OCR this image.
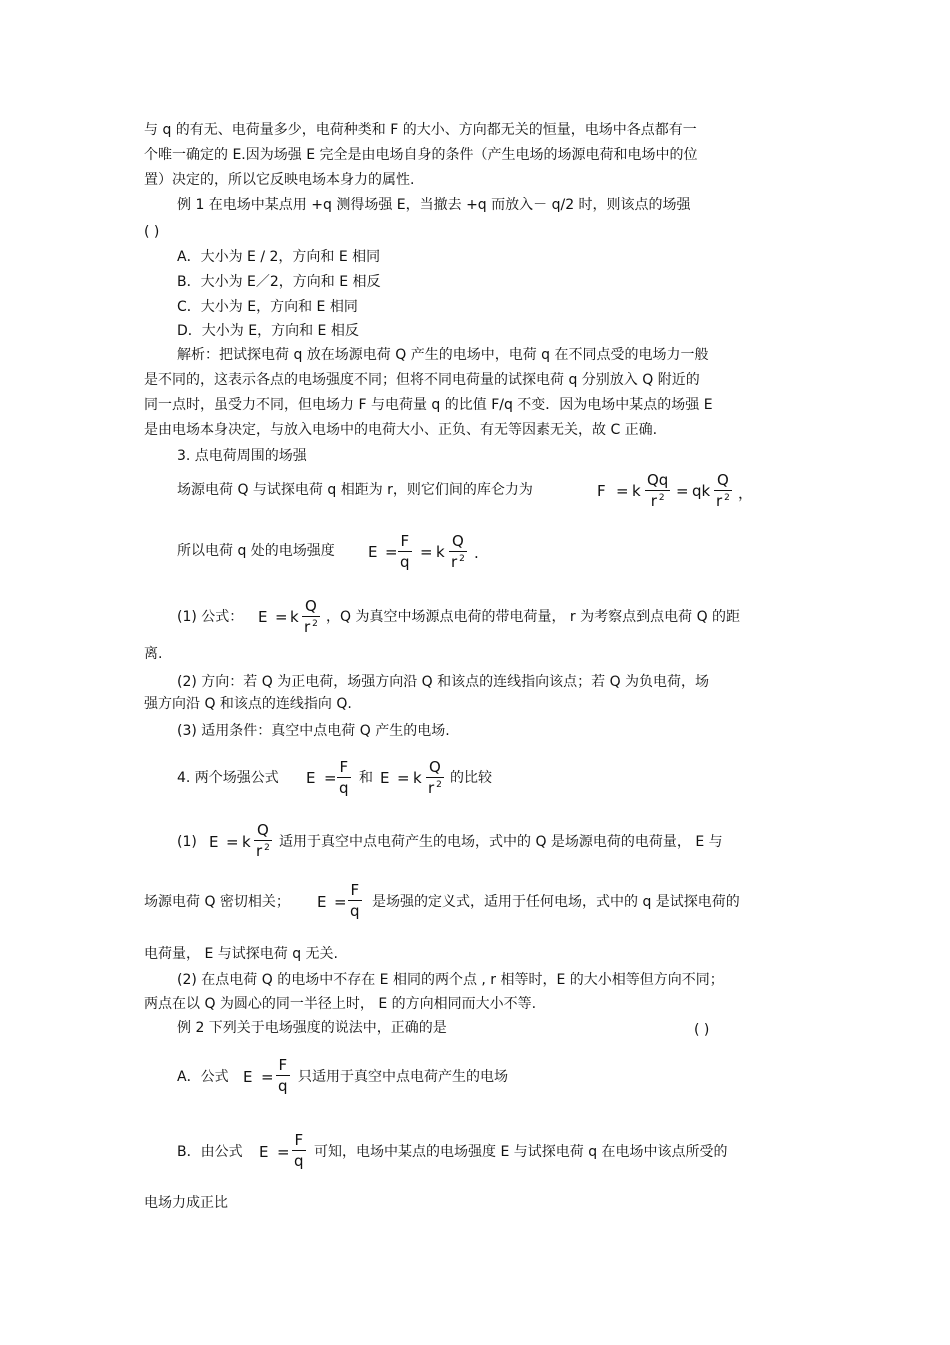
与 q 的有无、电荷量多少，电荷种类和 F 的大小、方向都无关的恒量，电场中各点都有一
个唯一确定的 E.因为场强 E 完全是由电场自身的条件（产生电场的场源电荷和电场中的位
置）决定的，所以它反映电场本身力的属性.
例 1 在电场中某点用 +q 测得场强 E，当撤去 +q 而放入－ q/2 时，则该点的场强
( )
A．大小为 E / 2，方向和 E 相同
B．大小为 E／2，方向和 E 相反
C．大小为 E，方向和 E 相同
D．大小为 E，方向和 E 相反
解析：把试探电荷 q 放在场源电荷 Q 产生的电场中，电荷 q 在不同点受的电场力一般
是不同的，这表示各点的电场强度不同；但将不同电荷量的试探电荷 q 分别放入 Q 附近的
同一点时，虽受力不同，但电场力 F 与电荷量 q 的比值 F/q 不变．因为电场中某点的场强 E
是由电场本身决定，与放入电场中的电荷大小、正负、有无等因素无关，故 C 正确.
3. 点电荷周围的场强
场源电荷 Q 与试探电荷 q 相距为 r，则它们间的库仑力为	F = k
Qq
r $^2$ = qk
Q
r $^2$ ，
所以电荷 q 处的电场强度 E =
F
q
= k
Q
r $^2$ .
(1) 公式： E = k
Q
r $^2$ ，Q 为真空中场源点电荷的带电荷量， r 为考察点到点电荷 Q 的距
离.
(2) 方向：若 Q 为正电荷，场强方向沿 Q 和该点的连线指向该点；若 Q 为负电荷，场
强方向沿 Q 和该点的连线指向 Q.
(3) 适用条件：真空中点电荷 Q 产生的电场.
4. 两个场强公式 E =
F
q
和 E = k
Q
r $^2$ 的比较
(1) E = k
Q
r $^2$ 适用于真空中点电荷产生的电场，式中的 Q 是场源电荷的电荷量， E 与
场源电荷 Q 密切相关； E =
F
q 是场强的定义式，适用于任何电场，式中的 q 是试探电荷的
电荷量， E 与试探电荷 q 无关.
(2) 在点电荷 Q 的电场中不存在 E 相同的两个点 , r 相等时，E 的大小相等但方向不同；
两点在以 Q 为圆心的同一半径上时， E 的方向相同而大小不等.
例 2 下列关于电场强度的说法中，正确的是	( )
A．公式 E =
F
q 只适用于真空中点电荷产生的电场
B．由公式 E =
F
q 可知，电场中某点的电场强度 E 与试探电荷 q 在电场中该点所受的
电场力成正比
